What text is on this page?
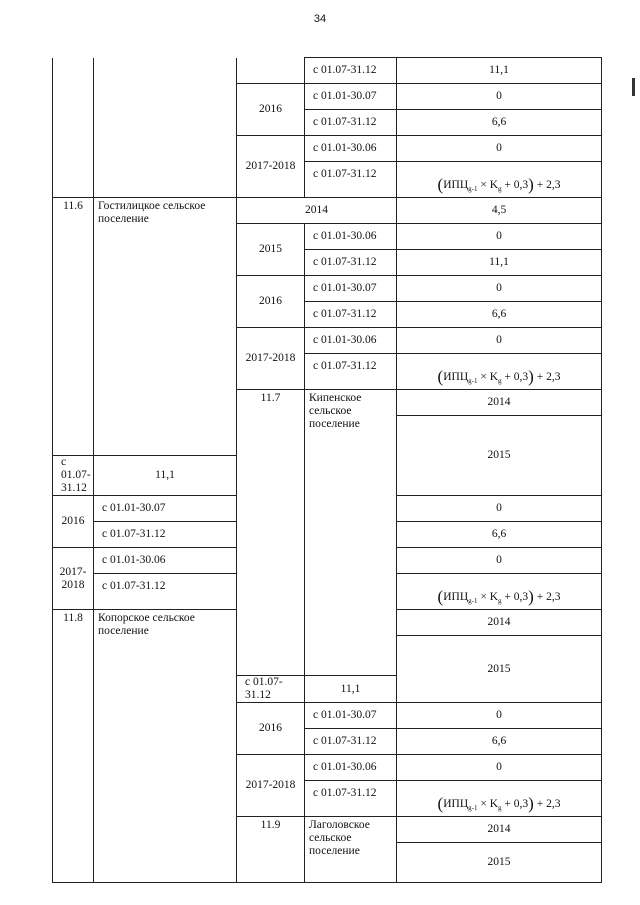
34
			с 01.07-31.12	11,1	
		2016	с 01.01-30.07	0	
			с 01.07-31.12	6,6	
		2017-2018	с 01.01-30.06	0	
			с 01.07-31.12	$(ИПЦ_{g-1} \times K_g + 0,3) + 2,3$	
11.6	Гостилицкое сельское поселение	2014		4,5	
		2015	с 01.01-30.06	0	
			с 01.07-31.12	11,1	
		2016	с 01.01-30.07	0	
			с 01.07-31.12	6,6	
		2017-2018	с 01.01-30.06	0	
			с 01.07-31.12	$(ИПЦ_{g-1} \times K_g + 0,3) + 2,3$	
		11.7	Кипенское сельское поселение	2014	
				2015		
с 01.07-31.12	11,1				
2016	с 01.01-30.07			0	
	с 01.07-31.12			6,6	
2017-2018	с 01.01-30.06			0	
	с 01.07-31.12			$(ИПЦ_{g-1} \times K_g + 0,3) + 2,3$	
11.8	Копорское сельское поселение			2014	
				2015		
		с 01.07-31.12	11,1		
		2016	с 01.01-30.07	0	
			с 01.07-31.12	6,6	
		2017-2018	с 01.01-30.06	0	
			с 01.07-31.12	$(ИПЦ_{g-1} \times K_g + 0,3) + 2,3$	
		11.9	Лаголовское сельское поселение	2014	
				2015		
